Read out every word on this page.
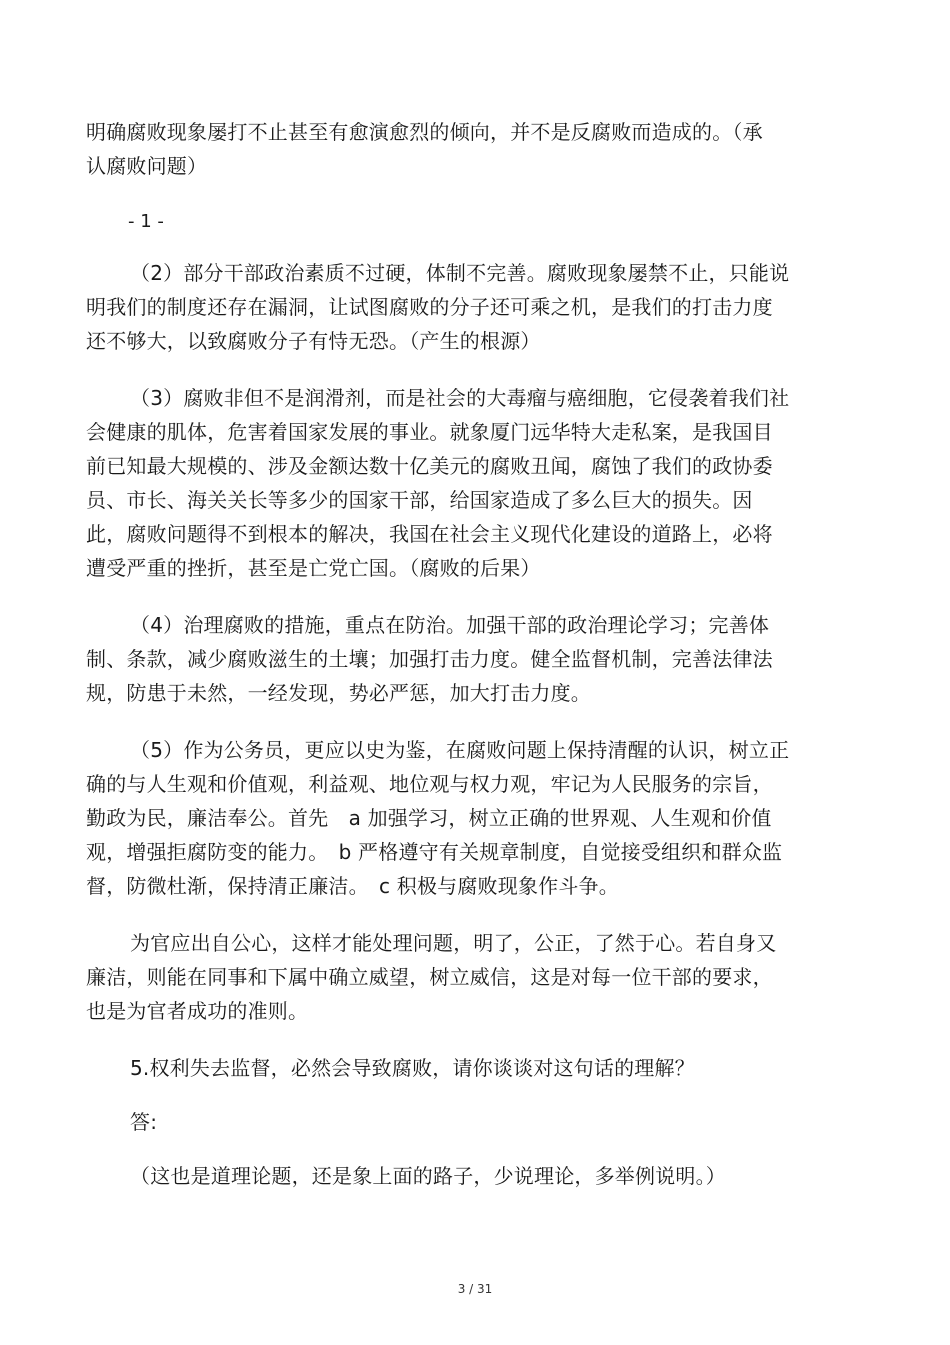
明确腐败现象屡打不止甚至有愈演愈烈的倾向，并不是反腐败而造成的。（承
认腐败问题）
- 1 -
（2）部分干部政治素质不过硬，体制不完善。腐败现象屡禁不止，只能说
明我们的制度还存在漏洞，让试图腐败的分子还可乘之机，是我们的打击力度
还不够大，以致腐败分子有恃无恐。（产生的根源）
（3）腐败非但不是润滑剂，而是社会的大毒瘤与癌细胞，它侵袭着我们社
会健康的肌体，危害着国家发展的事业。就象厦门远华特大走私案，是我国目
前已知最大规模的、涉及金额达数十亿美元的腐败丑闻，腐蚀了我们的政协委
员、市长、海关关长等多少的国家干部，给国家造成了多么巨大的损失。因
此，腐败问题得不到根本的解决，我国在社会主义现代化建设的道路上，必将
遭受严重的挫折，甚至是亡党亡国。（腐败的后果）
（4）治理腐败的措施，重点在防治。加强干部的政治理论学习；完善体
制、条款，减少腐败滋生的土壤；加强打击力度。健全监督机制，完善法律法
规，防患于未然，一经发现，势必严惩，加大打击力度。
（5）作为公务员，更应以史为鉴，在腐败问题上保持清醒的认识，树立正
确的与人生观和价值观，利益观、地位观与权力观，牢记为人民服务的宗旨，
勤政为民，廉洁奉公。首先　a 加强学习，树立正确的世界观、人生观和价值
观，增强拒腐防变的能力。　b 严格遵守有关规章制度，自觉接受组织和群众监
督，防微杜渐，保持清正廉洁。　c 积极与腐败现象作斗争。
为官应出自公心，这样才能处理问题，明了，公正，了然于心。若自身又
廉洁，则能在同事和下属中确立威望，树立威信，这是对每一位干部的要求，
也是为官者成功的准则。
5.权利失去监督，必然会导致腐败，请你谈谈对这句话的理解？
答:
（这也是道理论题，还是象上面的路子，少说理论，多举例说明。）
3 / 31
